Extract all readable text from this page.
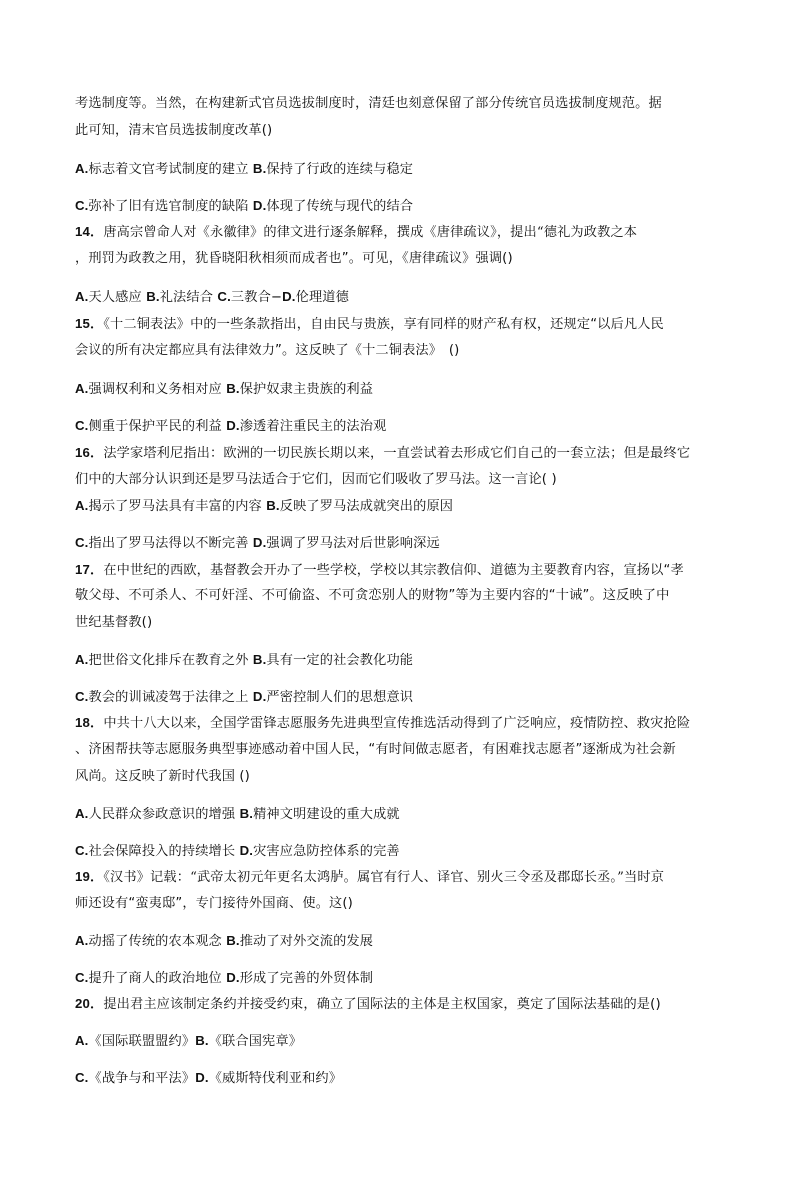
考选制度等。当然，在构建新式官员选拔制度时，清廷也刻意保留了部分传统官员选拔制度规范。据
此可知，清末官员选拔制度改革()
A.标志着文官考试制度的建立 B.保持了行政的连续与稳定
C.弥补了旧有选官制度的缺陷 D.体现了传统与现代的结合
14．唐高宗曾命人对《永徽律》的律文进行逐条解释，撰成《唐律疏议》，提出“德礼为政教之本
，刑罚为政教之用，犹昏晓阳秋相须而成者也”。可见，《唐律疏议》强调()
A.天人感应 B.礼法结合 C.三教合−D.伦理道德
15．《十二铜表法》中的一些条款指出，自由民与贵族，享有同样的财产私有权，还规定“以后凡人民
会议的所有决定都应具有法律效力”。这反映了《十二铜表法》　()
A.强调权利和义务相对应 B.保护奴隶主贵族的利益
C.侧重于保护平民的利益 D.渗透着注重民主的法治观
16．法学家塔利尼指出：欧洲的一切民族长期以来，一直尝试着去形成它们自己的一套立法；但是最终它
们中的大部分认识到还是罗马法适合于它们，因而它们吸收了罗马法。这一言论( )
A.揭示了罗马法具有丰富的内容 B.反映了罗马法成就突出的原因
C.指出了罗马法得以不断完善 D.强调了罗马法对后世影响深远
17．在中世纪的西欧，基督教会开办了一些学校，学校以其宗教信仰、道德为主要教育内容，宣扬以“孝
敬父母、不可杀人、不可奸淫、不可偷盗、不可贪恋别人的财物”等为主要内容的“十诫”。这反映了中
世纪基督教()
A.把世俗文化排斥在教育之外 B.具有一定的社会教化功能
C.教会的训诫凌驾于法律之上 D.严密控制人们的思想意识
18．中共十八大以来，全国学雷锋志愿服务先进典型宣传推选活动得到了广泛响应，疫情防控、救灾抢险
、济困帮扶等志愿服务典型事迹感动着中国人民，“有时间做志愿者，有困难找志愿者”逐渐成为社会新
风尚。这反映了新时代我国 ()
A.人民群众参政意识的增强 B.精神文明建设的重大成就
C.社会保障投入的持续增长 D.灾害应急防控体系的完善
19．《汉书》记载：“武帝太初元年更名太鸿胪。属官有行人、译官、别火三令丞及郡邸长丞。”当时京
师还设有“蛮夷邸”，专门接待外国商、使。这()
A.动摇了传统的农本观念 B.推动了对外交流的发展
C.提升了商人的政治地位 D.形成了完善的外贸体制
20．提出君主应该制定条约并接受约束，确立了国际法的主体是主权国家，奠定了国际法基础的是()
A.《国际联盟盟约》B.《联合国宪章》
C.《战争与和平法》D.《威斯特伐利亚和约》
